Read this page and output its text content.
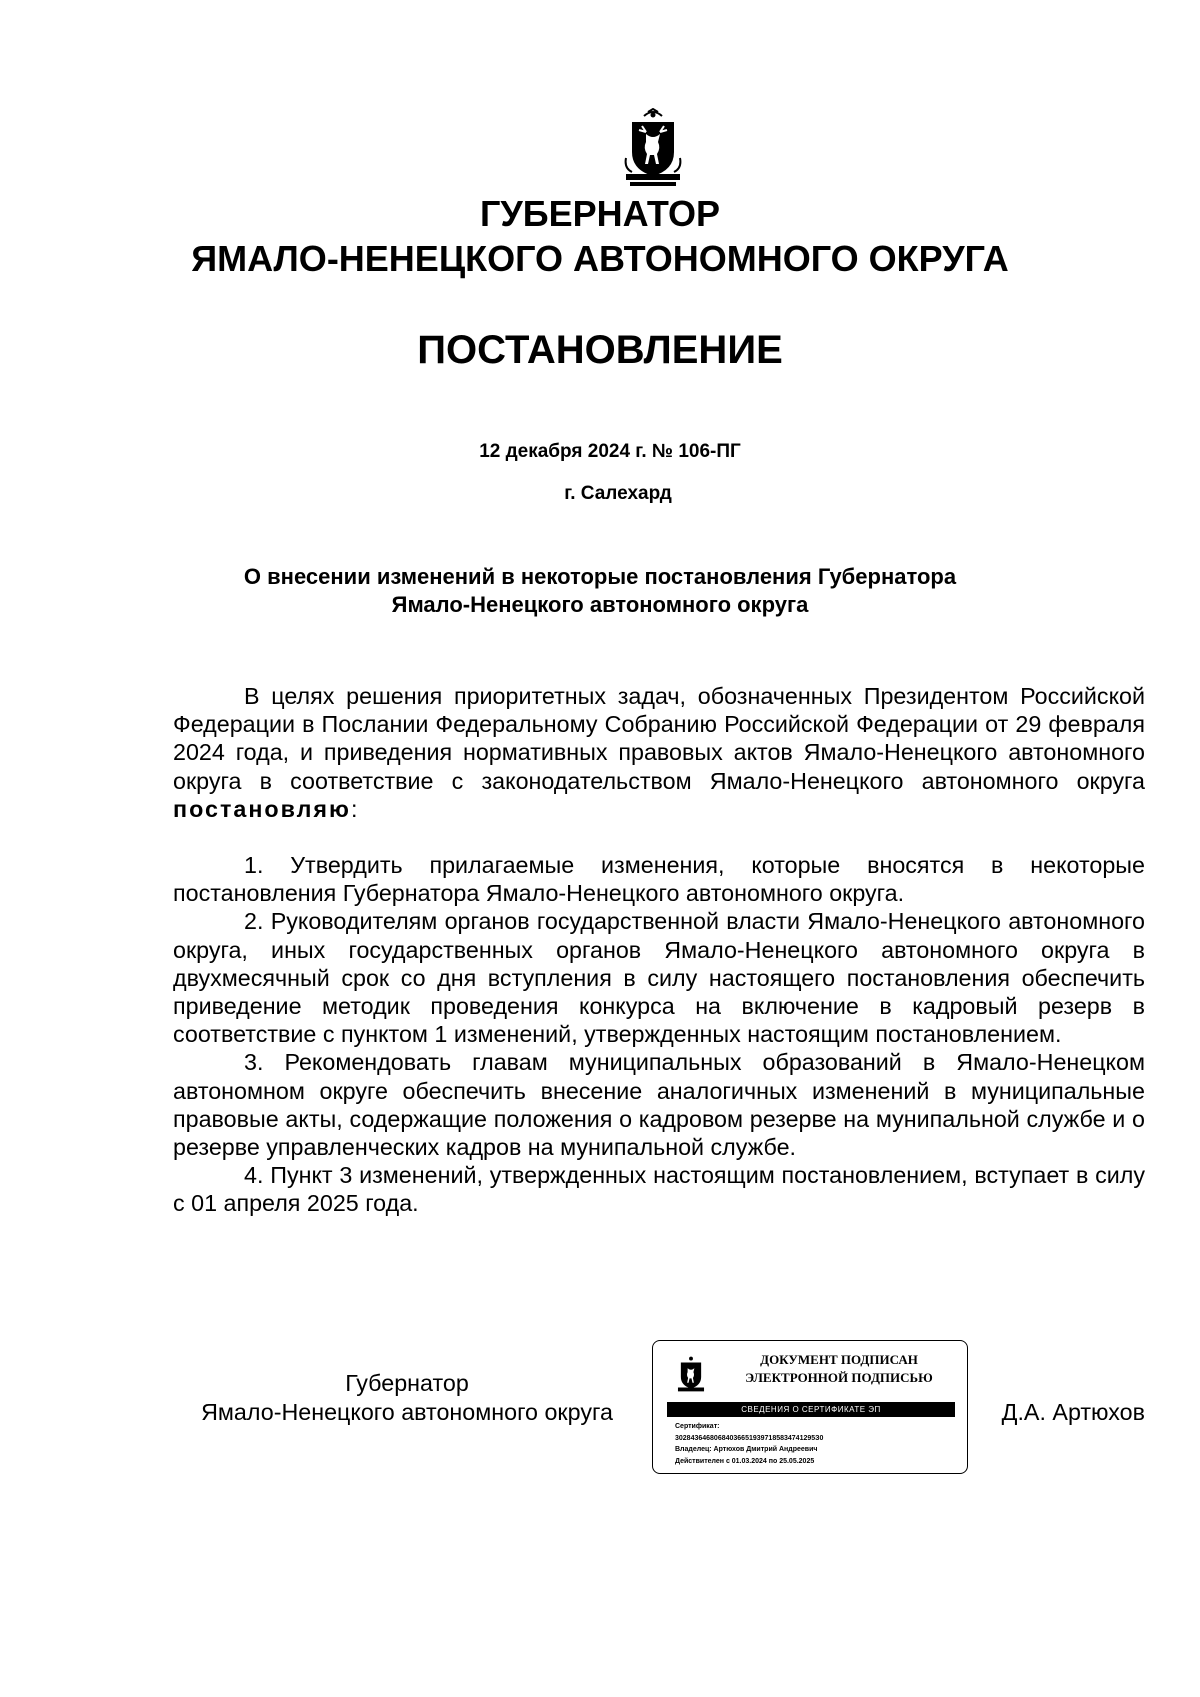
ГУБЕРНАТОР
ЯМАЛО-НЕНЕЦКОГО АВТОНОМНОГО ОКРУГА
ПОСТАНОВЛЕНИЕ
12 декабря 2024 г. № 106-ПГ
г. Салехард
О внесении изменений в некоторые постановления Губернатора
Ямало-Ненецкого автономного округа

В целях решения приоритетных задач, обозначенных Президентом Российской Федерации в Послании Федеральному Собранию Российской Федерации от 29 февраля 2024 года, и приведения нормативных правовых актов Ямало-Ненецкого автономного округа в соответствие с законодательством Ямало-Ненецкого автономного округа постановляю:

1. Утвердить прилагаемые изменения, которые вносятся в некоторые постановления Губернатора Ямало-Ненецкого автономного округа.

2. Руководителям органов государственной власти Ямало-Ненецкого автономного округа, иных государственных органов Ямало-Ненецкого автономного округа в двухмесячный срок со дня вступления в силу настоящего постановления обеспечить приведение методик проведения конкурса на включение в кадровый резерв в соответствие с пунктом 1 изменений, утвержденных настоящим постановлением.

3. Рекомендовать главам муниципальных образований в Ямало-Ненецком автономном округе обеспечить внесение аналогичных изменений в муниципальные правовые акты, содержащие положения о кадровом резерве на мунипальной службе и о резерве управленческих кадров на мунипальной службе.

4. Пункт 3 изменений, утвержденных настоящим постановлением, вступает в силу с 01 апреля 2025 года.

Губернатор
Ямало-Ненецкого автономного округа
ДОКУМЕНТ ПОДПИСАН
ЭЛЕКТРОННОЙ ПОДПИСЬЮ
СВЕДЕНИЯ О СЕРТИФИКАТЕ ЭП
Сертификат:
302843646806840366519397185834741295З0
Владелец: Артюхов Дмитрий Андреевич
Действителен с 01.03.2024 по 25.05.2025
Д.А. Артюхов
